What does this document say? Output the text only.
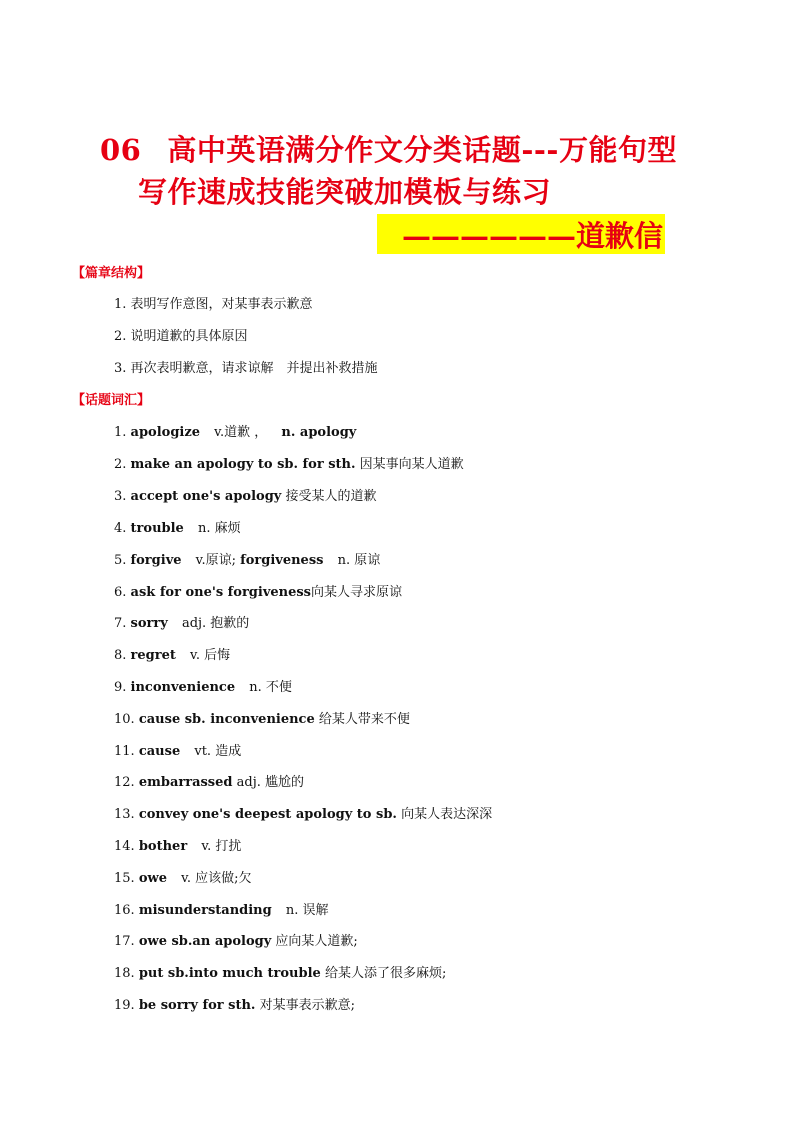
06 高中英语满分作文分类话题---万能句型
写作速成技能突破加模板与练习
——————道歉信
【篇章结构】
1. 表明写作意图，对某事表示歉意
2. 说明道歉的具体原因
3. 再次表明歉意，请求谅解　并提出补救措施
【话题词汇】
1. apologize v.道歉 ， n. apology
2. make an apology to sb. for sth. 因某事向某人道歉
3. accept one's apology 接受某人的道歉
4. trouble n. 麻烦
5. forgive v.原谅; forgiveness n. 原谅
6. ask for one's forgiveness向某人寻求原谅
7. sorry adj. 抱歉的
8. regret v. 后悔
9. inconvenience n. 不便
10. cause sb. inconvenience 给某人带来不便
11. cause vt. 造成
12. embarrassed adj. 尴尬的
13. convey one's deepest apology to sb. 向某人表达深深
14. bother v. 打扰
15. owe v. 应该做;欠
16. misunderstanding n. 误解
17. owe sb.an apology 应向某人道歉;
18. put sb.into much trouble 给某人添了很多麻烦;
19. be sorry for sth. 对某事表示歉意;
